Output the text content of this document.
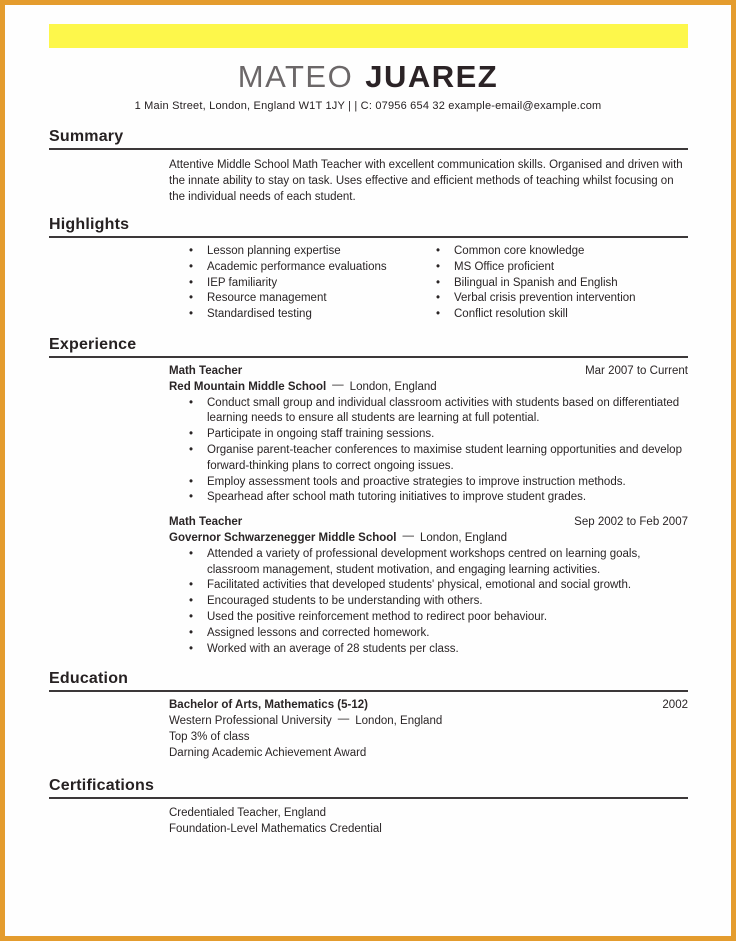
MATEO JUAREZ
1 Main Street, London, England W1T 1JY | | C: 07956 654 32 example-email@example.com
Summary
Attentive Middle School Math Teacher with excellent communication skills. Organised and driven with the innate ability to stay on task. Uses effective and efficient methods of teaching whilst focusing on the individual needs of each student.
Highlights
• Lesson planning expertise
• Academic performance evaluations
• IEP familiarity
• Resource management
• Standardised testing
• Common core knowledge
• MS Office proficient
• Bilingual in Spanish and English
• Verbal crisis prevention intervention
• Conflict resolution skill
Experience
Math Teacher	Mar 2007 to Current
Red Mountain Middle School — London, England
• Conduct small group and individual classroom activities with students based on differentiated learning needs to ensure all students are learning at full potential.
• Participate in ongoing staff training sessions.
• Organise parent-teacher conferences to maximise student learning opportunities and develop forward-thinking plans to correct ongoing issues.
• Employ assessment tools and proactive strategies to improve instruction methods.
• Spearhead after school math tutoring initiatives to improve student grades.
Math Teacher	Sep 2002 to Feb 2007
Governor Schwarzenegger Middle School — London, England
• Attended a variety of professional development workshops centred on learning goals, classroom management, student motivation, and engaging learning activities.
• Facilitated activities that developed students' physical, emotional and social growth.
• Encouraged students to be understanding with others.
• Used the positive reinforcement method to redirect poor behaviour.
• Assigned lessons and corrected homework.
• Worked with an average of 28 students per class.
Education
Bachelor of Arts, Mathematics (5-12)	2002
Western Professional University — London, England
Top 3% of class
Darning Academic Achievement Award
Certifications
Credentialed Teacher, England
Foundation-Level Mathematics Credential
